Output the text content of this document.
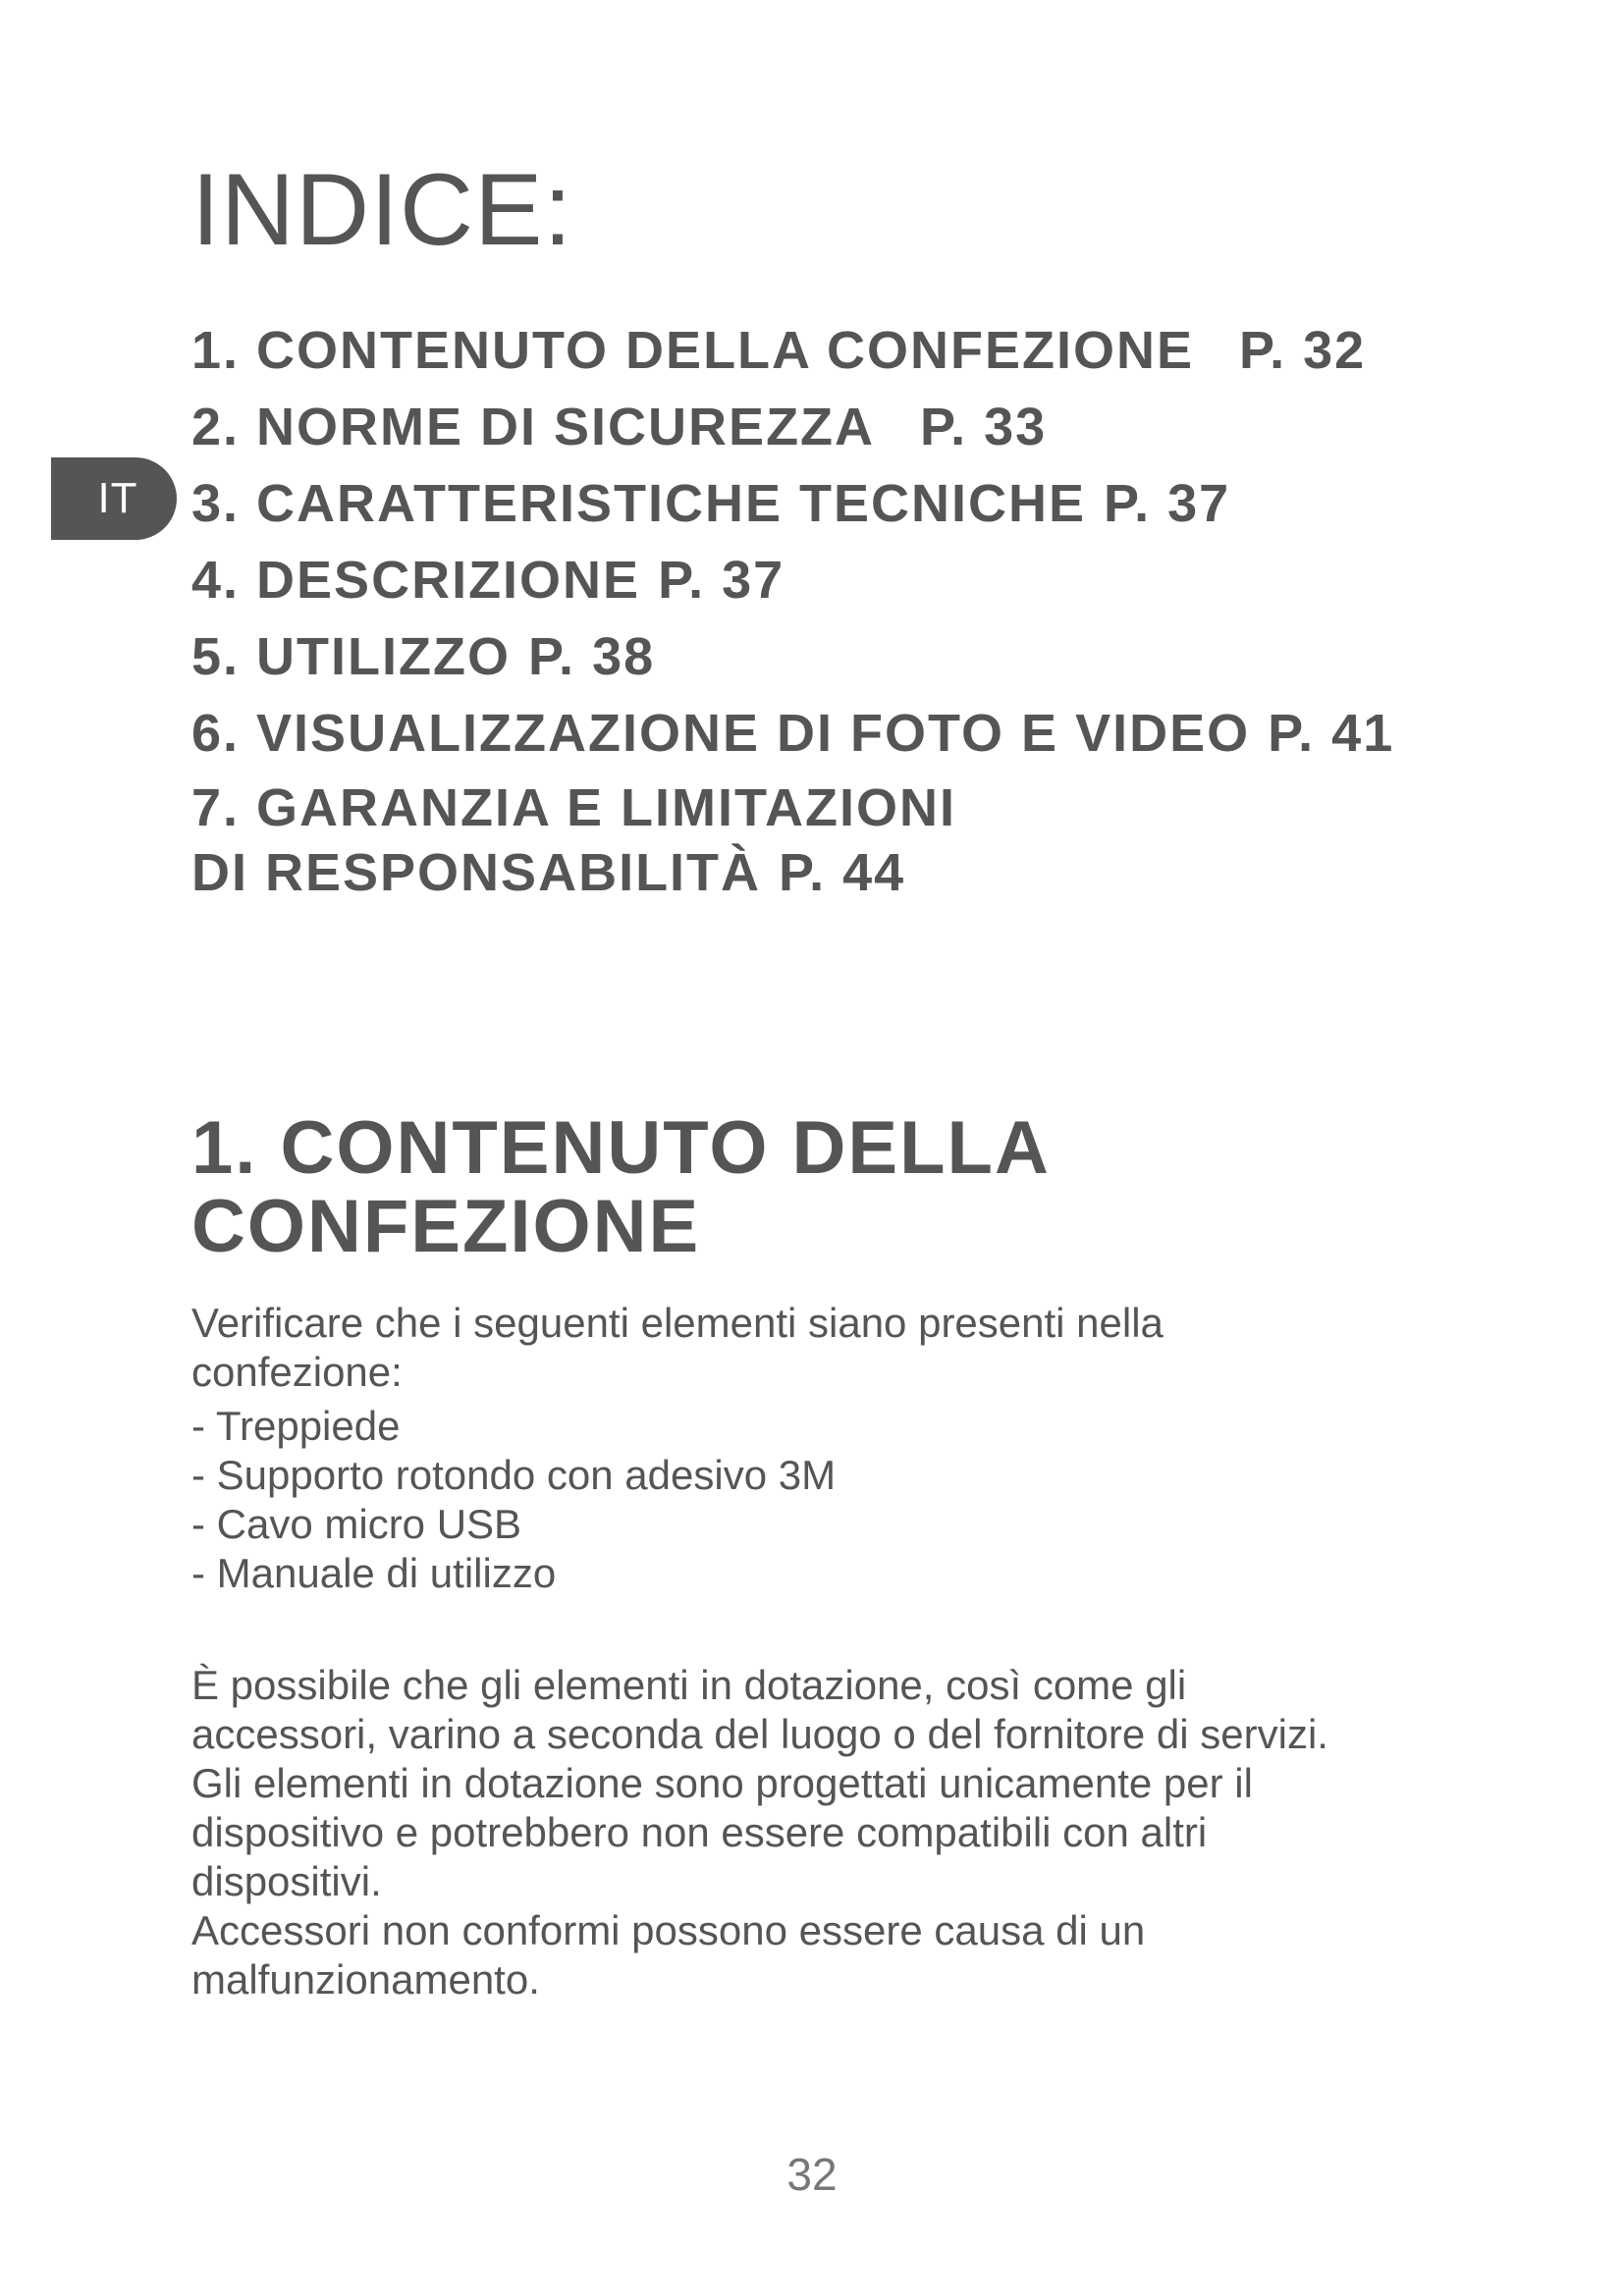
INDICE:
1. CONTENUTO DELLA CONFEZIONE P. 32
2. NORME DI SICUREZZA P. 33
3. CARATTERISTICHE TECNICHE P. 37
4. DESCRIZIONE P. 37
5. UTILIZZO P. 38
6. VISUALIZZAZIONE DI FOTO E VIDEO P. 41
7. GARANZIA E LIMITAZIONI
DI RESPONSABILITÀ P. 44
IT
1. CONTENUTO DELLA
CONFEZIONE

Verificare che i seguenti elementi siano presenti nella confezione:

- Treppiede
- Supporto rotondo con adesivo 3M
- Cavo micro USB
- Manuale di utilizzo

È possibile che gli elementi in dotazione, così come gli accessori, varino a seconda del luogo o del fornitore di servizi.

Gli elementi in dotazione sono progettati unicamente per il dispositivo e potrebbero non essere compatibili con altri dispositivi.

Accessori non conformi possono essere causa di un malfunzionamento.

32
